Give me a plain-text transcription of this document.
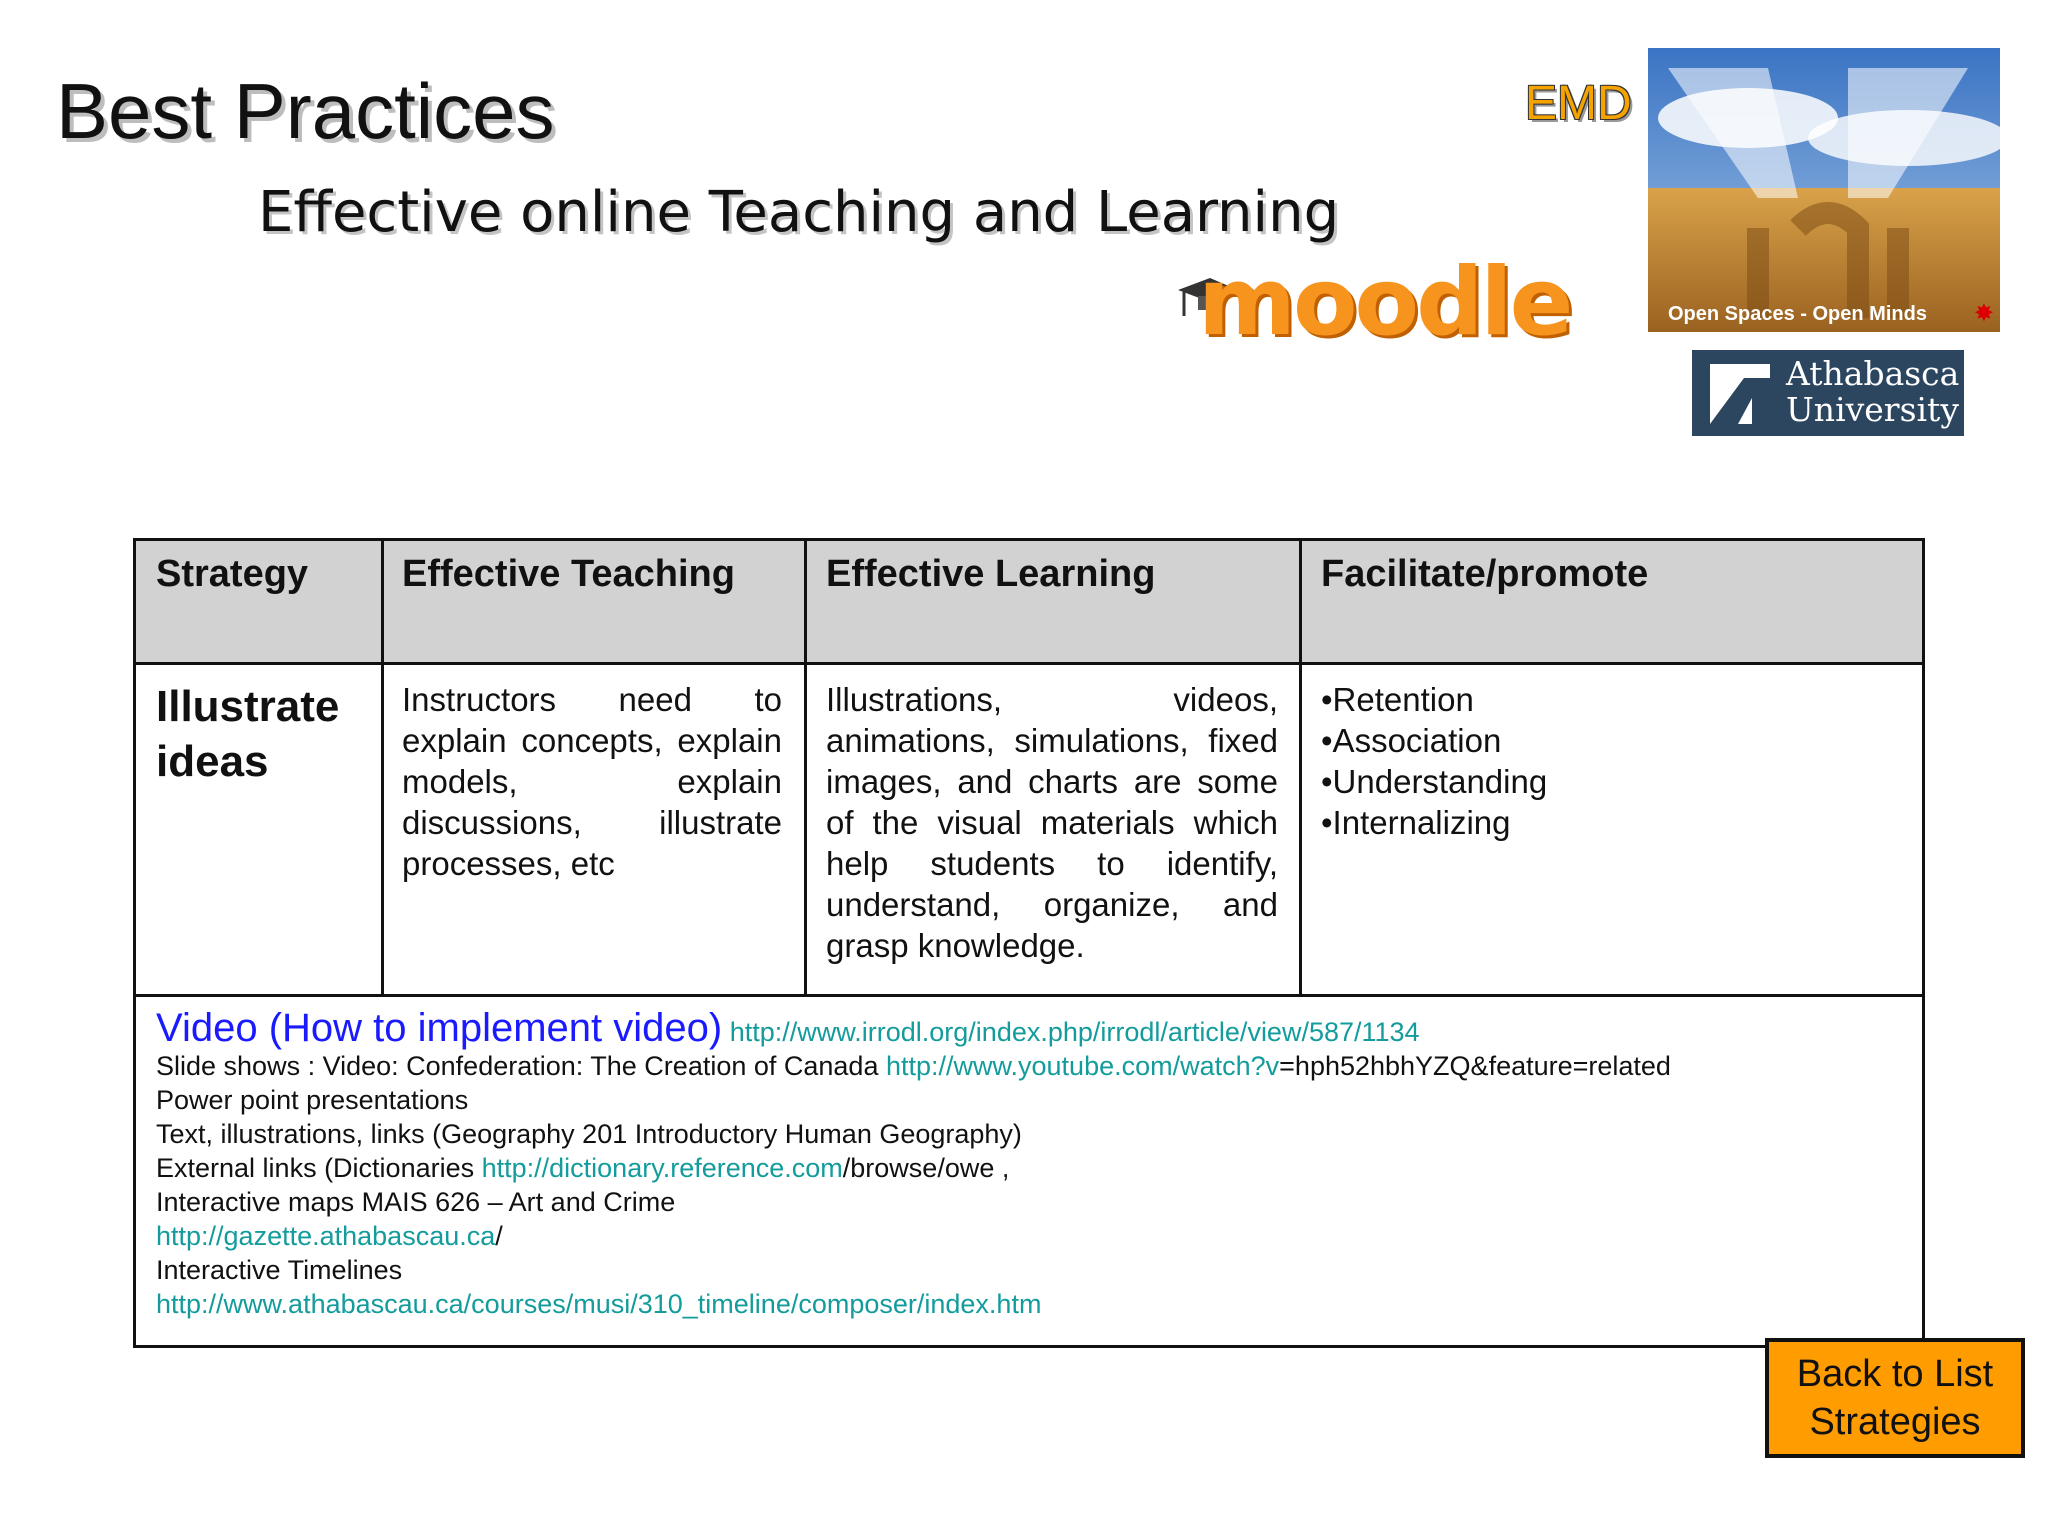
Best Practices
Effective online Teaching and Learning
EMD
moodle	Open Spaces - Open Minds ✸
Athabasca
University
Strategy Effective Teaching Effective Learning	Facilitate/promote
Illustrate ideas
Instructors need to explain concepts, explain models, explain discussions, illustrate processes, etc
Illustrations, videos, animations, simulations, fixed images, and charts are some of the visual materials which help students to identify, understand, organize, and grasp knowledge.
•Retention
•Association
•Understanding
•Internalizing
Video (How to implement video) http://www.irrodl.org/index.php/irrodl/article/view/587/1134
Slide shows : Video: Confederation: The Creation of Canada http://www.youtube.com/watch?v=hph52hbhYZQ&feature=related
Power point presentations
Text, illustrations, links (Geography 201 Introductory Human Geography)
External links (Dictionaries http://dictionary.reference.com/browse/owe ,
Interactive maps MAIS 626 – Art and Crime
http://gazette.athabascau.ca/
Interactive Timelines
http://www.athabascau.ca/courses/musi/310_timeline/composer/index.htm
Back to List
Strategies
